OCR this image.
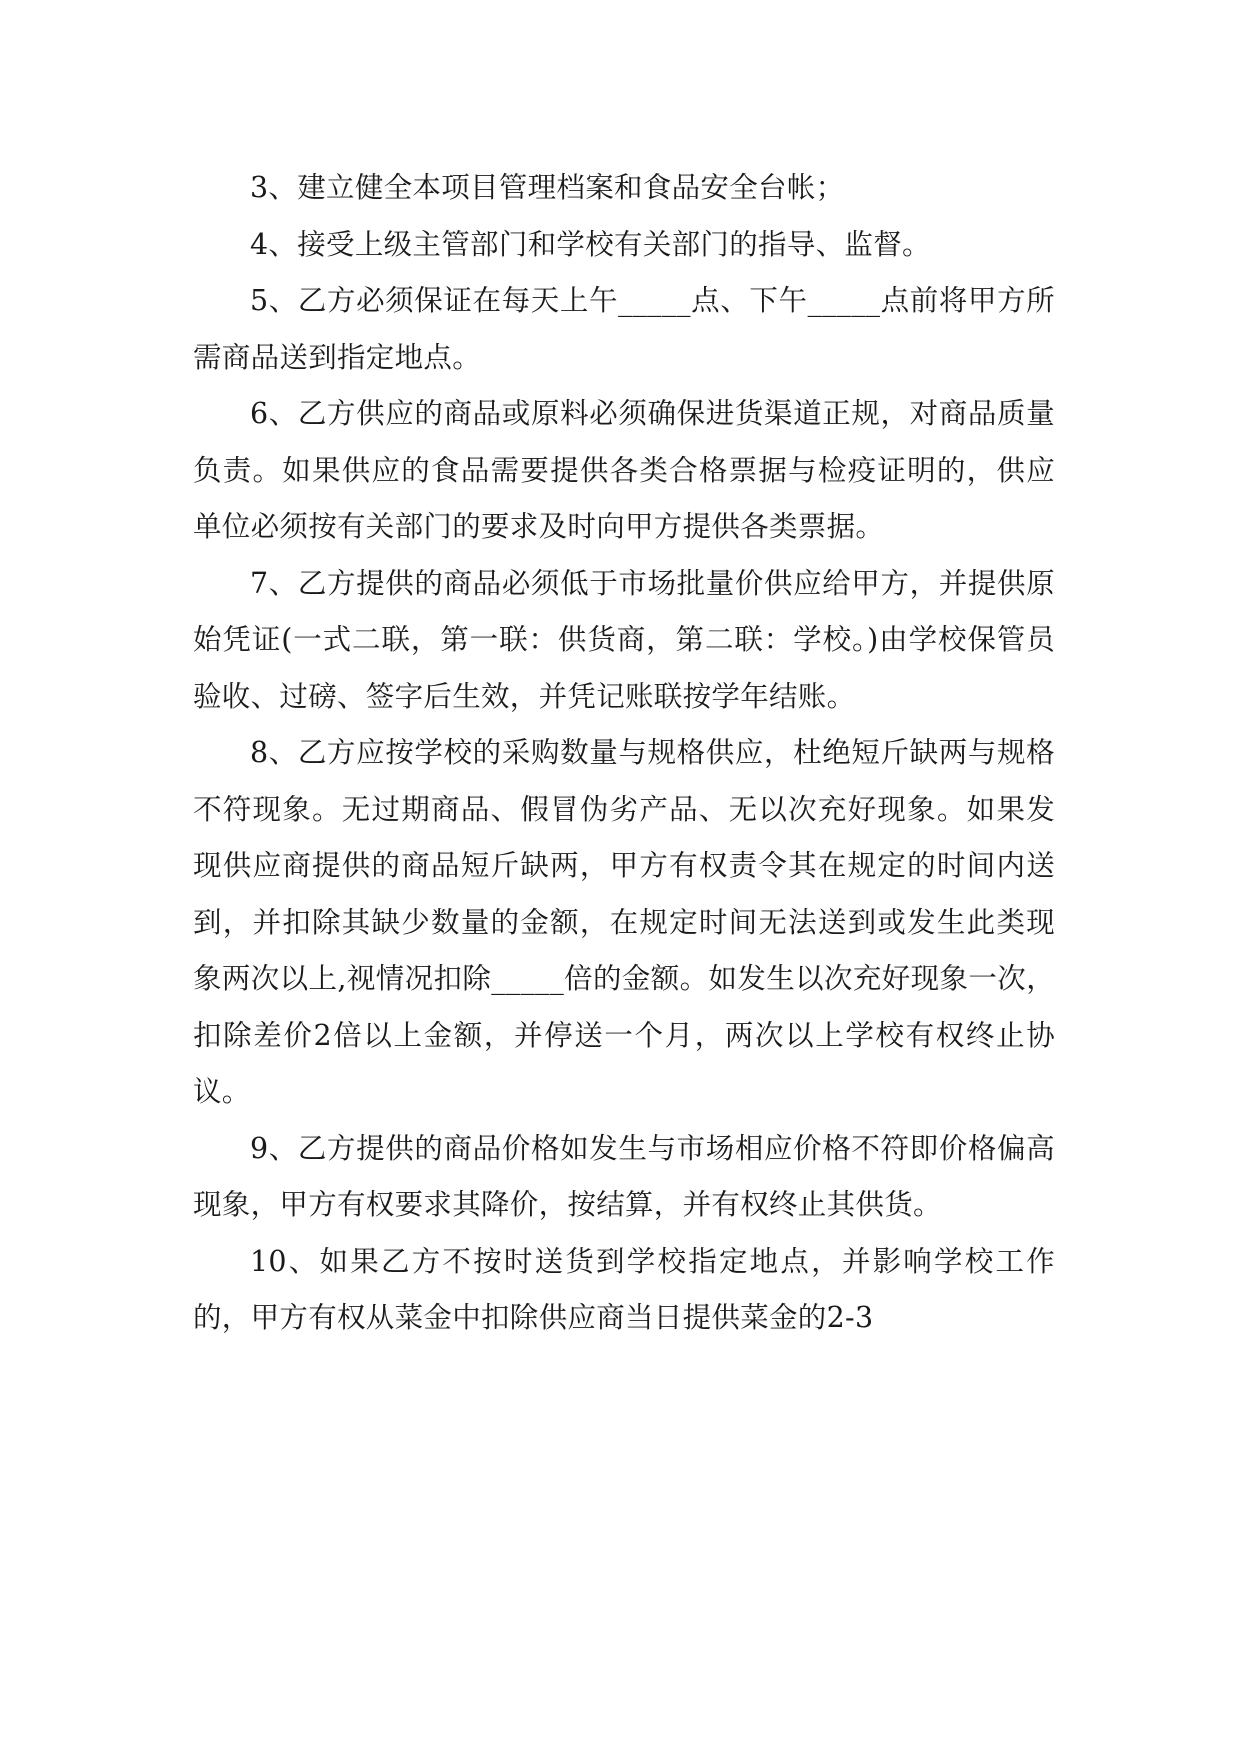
3、建立健全本项目管理档案和食品安全台帐；

4、接受上级主管部门和学校有关部门的指导、监督。

5、乙方必须保证在每天上午_____点、下午_____点前将甲方所需商品送到指定地点。

6、乙方供应的商品或原料必须确保进货渠道正规，对商品质量负责。如果供应的食品需要提供各类合格票据与检疫证明的，供应单位必须按有关部门的要求及时向甲方提供各类票据。

7、乙方提供的商品必须低于市场批量价供应给甲方，并提供原始凭证(一式二联，第一联：供货商，第二联：学校。)由学校保管员验收、过磅、签字后生效，并凭记账联按学年结账。

8、乙方应按学校的采购数量与规格供应，杜绝短斤缺两与规格不符现象。无过期商品、假冒伪劣产品、无以次充好现象。如果发现供应商提供的商品短斤缺两，甲方有权责令其在规定的时间内送到，并扣除其缺少数量的金额，在规定时间无法送到或发生此类现象两次以上,视情况扣除_____倍的金额。如发生以次充好现象一次，扣除差价2倍以上金额，并停送一个月，两次以上学校有权终止协议。

9、乙方提供的商品价格如发生与市场相应价格不符即价格偏高现象，甲方有权要求其降价，按结算，并有权终止其供货。

10、如果乙方不按时送货到学校指定地点，并影响学校工作的，甲方有权从菜金中扣除供应商当日提供菜金的2-3
